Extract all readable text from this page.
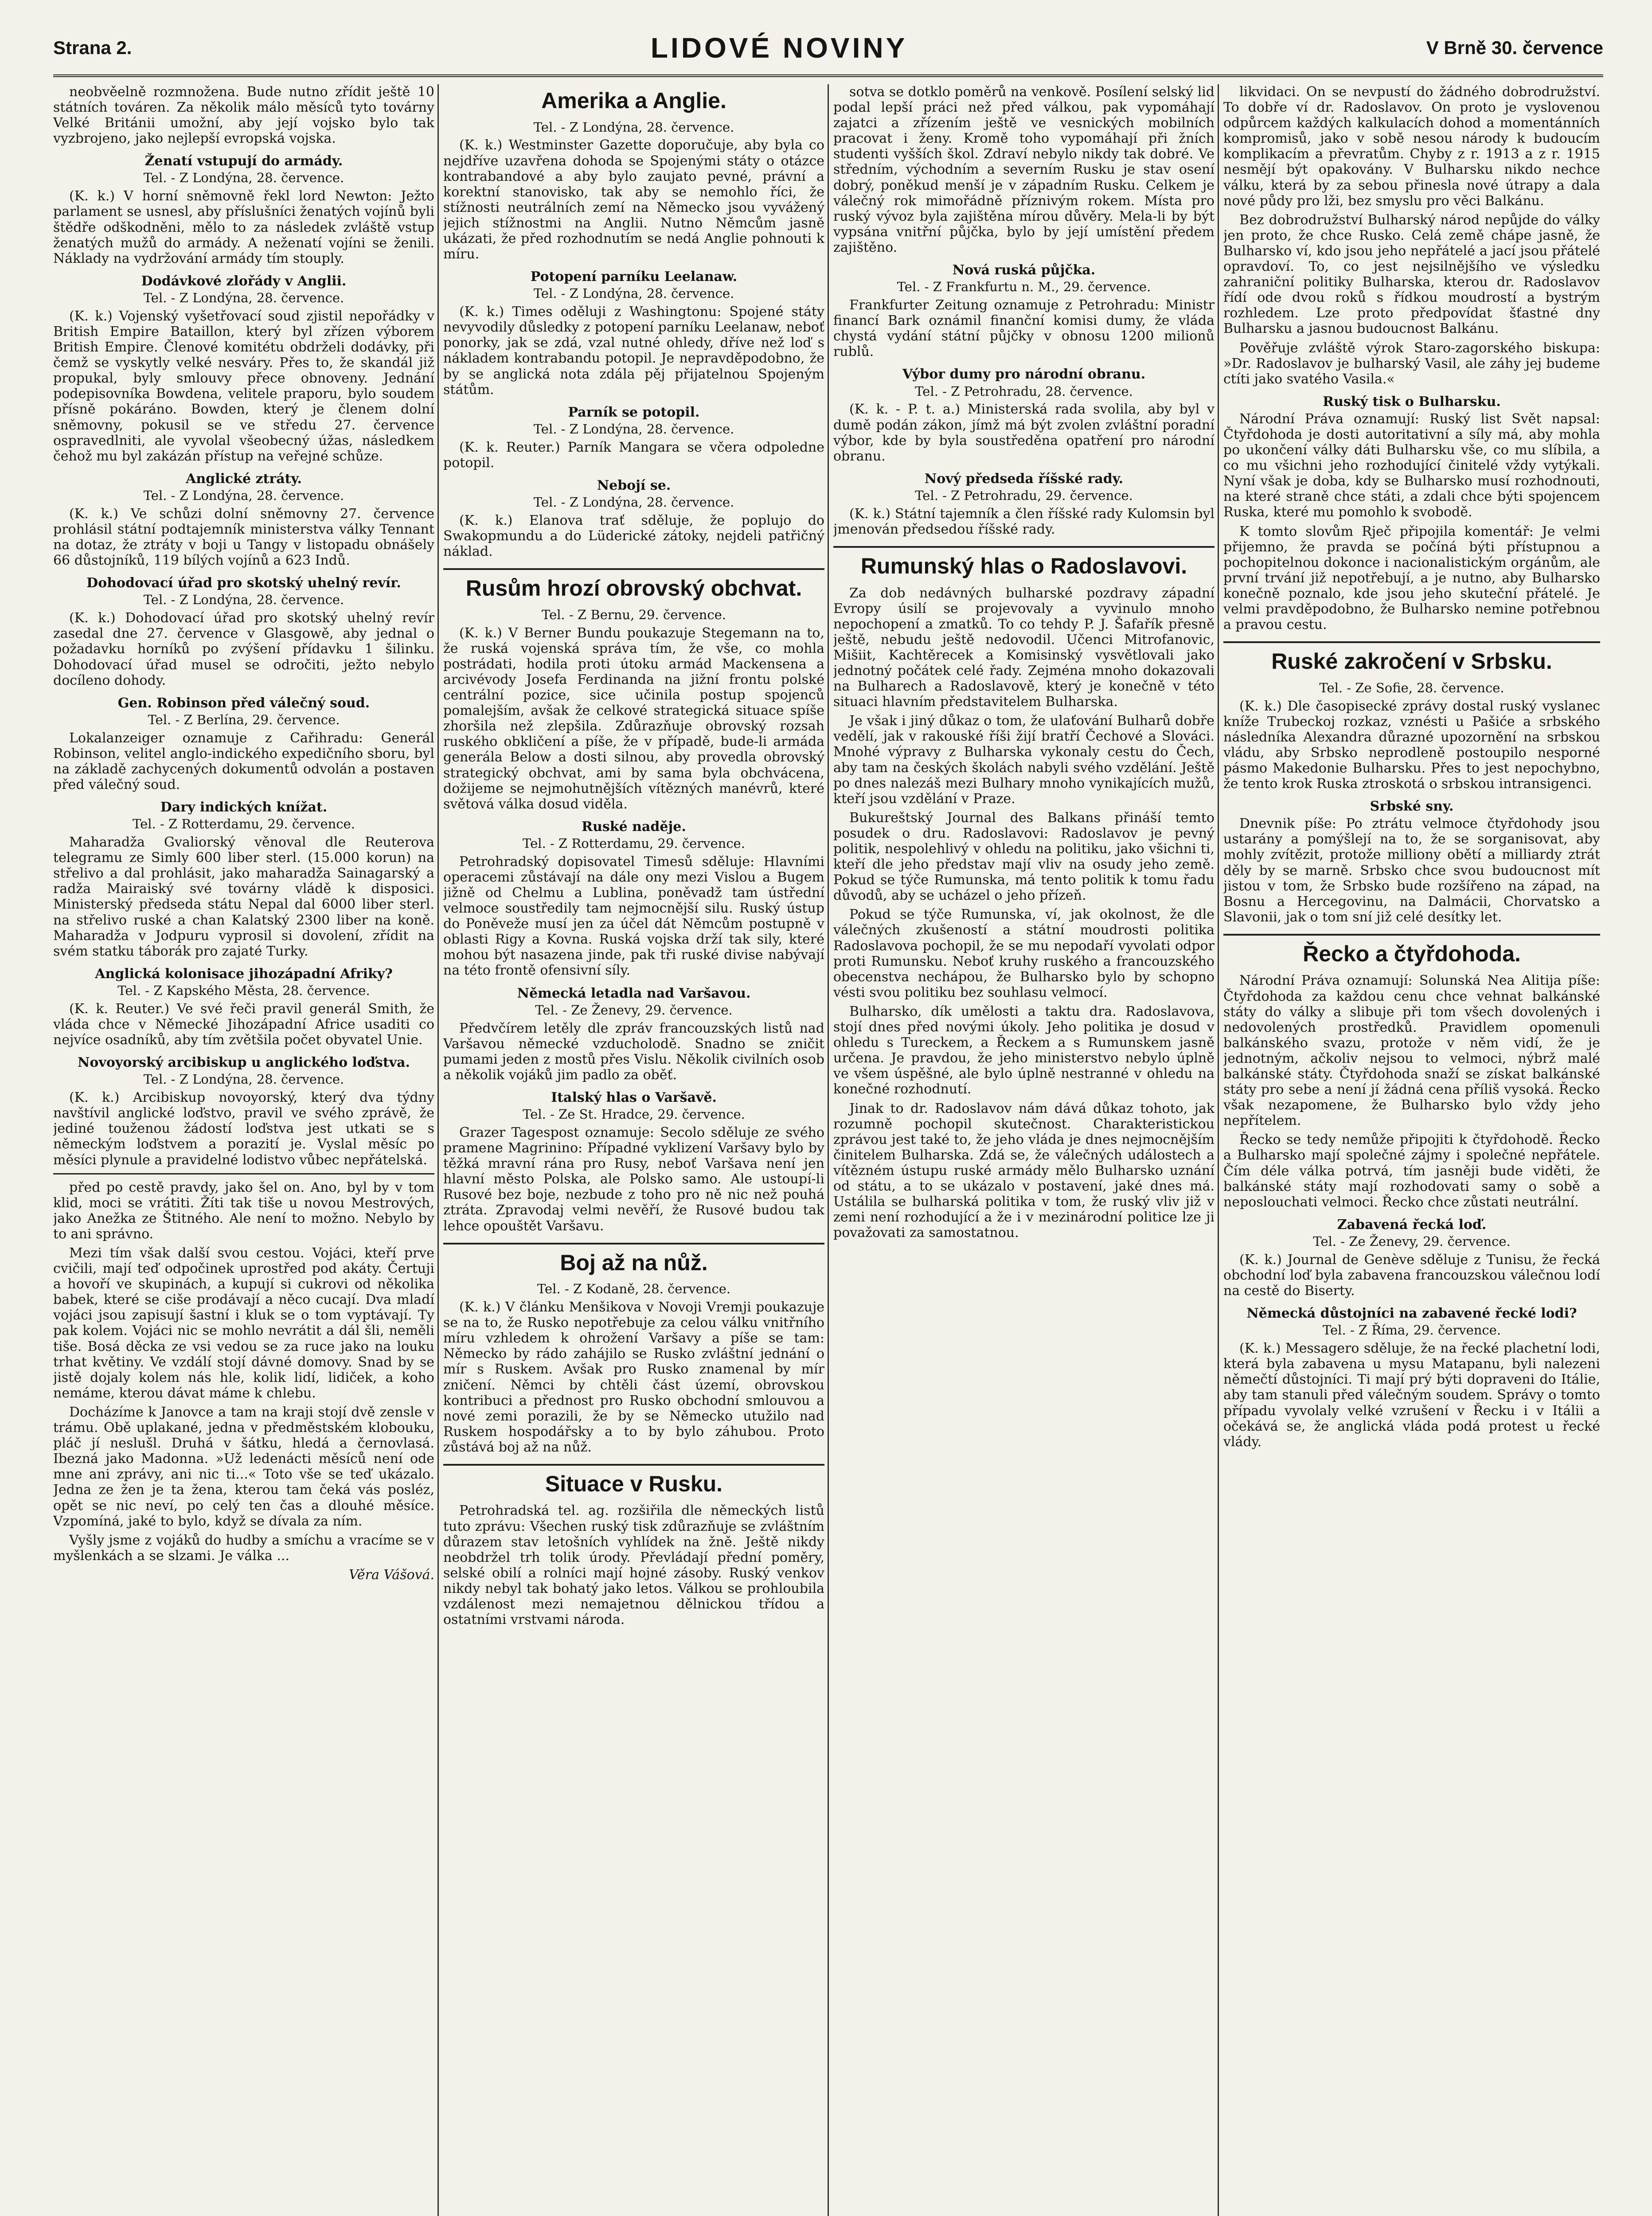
Strana 2.	LIDOVÉ NOVINY	V Brně 30. července

neobvěelně rozmnožena. Bude nutno zřídit ještě 10 státních továren. Za několik málo měsíců tyto továrny Velké Británii umožní, aby její vojsko bylo tak vyzbrojeno, jako nejlepší evropská vojska.

Ženatí vstupují do armády.
Tel. - Z Londýna, 28. července.

(K. k.) V horní sněmovně řekl lord Newton: Ježto parlament se usnesl, aby příslušníci ženatých vojínů byli štědře odškodněni, mělo to za následek zvláště vstup ženatých mužů do armády. A neženatí vojíni se ženili. Náklady na vydržování armády tím stouply.

Dodávkové zlořády v Anglii.
Tel. - Z Londýna, 28. července.

(K. k.) Vojenský vyšetřovací soud zjistil nepořádky v British Empire Bataillon, který byl zřízen výborem British Empire. Členové komitétu obdrželi dodávky, při čemž se vyskytly velké nesváry. Přes to, že skandál již propukal, byly smlouvy přece obnoveny. Jednání podepisovníka Bowdena, velitele praporu, bylo soudem přísně pokáráno. Bowden, který je členem dolní sněmovny, pokusil se ve středu 27. července ospravedlniti, ale vyvolal všeobecný úžas, následkem čehož mu byl zakázán přístup na veřejné schůze.

Anglické ztráty.
Tel. - Z Londýna, 28. července.

(K. k.) Ve schůzi dolní sněmovny 27. července prohlásil státní podtajemník ministerstva války Tennant na dotaz, že ztráty v boji u Tangy v listopadu obnášely 66 důstojníků, 119 bílých vojínů a 623 Indů.

Dohodovací úřad pro skotský uhelný revír.
Tel. - Z Londýna, 28. července.

(K. k.) Dohodovací úřad pro skotský uhelný revír zasedal dne 27. července v Glasgowě, aby jednal o požadavku horníků po zvýšení přídavku 1 šilinku. Dohodovací úřad musel se odročiti, ježto nebylo docíleno dohody.

Gen. Robinson před válečný soud.
Tel. - Z Berlína, 29. července.

Lokalanzeiger oznamuje z Cařihradu: Generál Robinson, velitel anglo-indického expedičního sboru, byl na základě zachycených dokumentů odvolán a postaven před válečný soud.

Dary indických knížat.
Tel. - Z Rotterdamu, 29. července.

Maharadža Gvaliorský věnoval dle Reuterova telegramu ze Simly 600 liber sterl. (15.000 korun) na střelivo a dal prohlásit, jako maharadža Sainagarský a radža Mairaiský své továrny vládě k disposici. Ministerský předseda státu Nepal dal 6000 liber sterl. na střelivo ruské a chan Kalatský 2300 liber na koně. Maharadža v Jodpuru vyprosil si dovolení, zřídit na svém statku táborák pro zajaté Turky.

Anglická kolonisace jihozápadní Afriky?
Tel. - Z Kapského Města, 28. července.

(K. k. Reuter.) Ve své řeči pravil generál Smith, že vláda chce v Německé Jihozápadní Africe usaditi co nejvíce osadníků, aby tím zvětšila počet obyvatel Unie.

Novoyorský arcibiskup u anglického loďstva.
Tel. - Z Londýna, 28. července.

(K. k.) Arcibiskup novoyorský, který dva týdny navštívil anglické loďstvo, pravil ve svého zprávě, že jediné touženou žádostí loďstva jest utkati se s německým loďstvem a porazití je. Vyslal měsíc po měsíci plynule a pravidelné lodistvo vůbec nepřátelská.

před po cestě pravdy, jako šel on. Ano, byl by v tom klid, moci se vrátiti. Žíti tak tiše u novou Mestrových, jako Anežka ze Štitného. Ale není to možno. Nebylo by to ani správno.

Mezi tím však další svou cestou. Vojáci, kteří prve cvičili, mají teď odpočinek uprostřed pod akáty. Čertuji a hovoří ve skupinách, a kupují si cukrovi od několika babek, které se ciše prodávají a něco cucají. Dva mladí vojáci jsou zapisují šastní i kluk se o tom vyptávají. Ty pak kolem. Vojáci nic se mohlo nevrátit a dál šli, neměli tiše. Bosá děcka ze vsi vedou se za ruce jako na louku trhat květiny. Ve vzdálí stojí dávné domovy. Snad by se jistě dojaly kolem nás hle, kolik lidí, lidiček, a koho nemáme, kterou dávat máme k chlebu.

Docházíme k Janovce a tam na kraji stojí dvě zensle v trámu. Obě uplakané, jedna v předměstském klobouku, pláč jí neslušl. Druhá v šátku, hledá a černovlasá. Ibezná jako Madonna. »Už ledenácti měsíců není ode mne ani zprávy, ani nic ti...« Toto vše se teď ukázalo. Jedna ze žen je ta žena, kterou tam čeká vás posléz, opět se nic neví, po celý ten čas a dlouhé měsíce. Vzpomíná, jaké to bylo, když se dívala za ním.

Vyšly jsme z vojáků do hudby a smíchu a vracíme se v myšlenkách a se slzami. Je válka ...

Věra Vášová.
Amerika a Anglie.
Tel. - Z Londýna, 28. července.

(K. k.) Westminster Gazette doporučuje, aby byla co nejdříve uzavřena dohoda se Spojenými státy o otázce kontrabandové a aby bylo zaujato pevné, právní a korektní stanovisko, tak aby se nemohlo říci, že stížnosti neutrálních zemí na Německo jsou vyvážený jejich stížnostmi na Anglii. Nutno Němcům jasně ukázati, že před rozhodnutím se nedá Anglie pohnouti k míru.

Potopení parníku Leelanaw.
Tel. - Z Londýna, 28. července.

(K. k.) Times oděluji z Washingtonu: Spojené státy nevyvodily důsledky z potopení parníku Leelanaw, neboť ponorky, jak se zdá, vzal nutné ohledy, dříve než loď s nákladem kontrabandu potopil. Je nepravděpodobno, že by se anglická nota zdála pěj přijatelnou Spojeným státům.

Parník se potopil.
Tel. - Z Londýna, 28. července.

(K. k. Reuter.) Parník Mangara se včera odpoledne potopil.

Nebojí se.
Tel. - Z Londýna, 28. července.

(K. k.) Elanova trať sděluje, že poplujo do Swakopmundu a do Lüderické zátoky, nejdeli patřičný náklad.

Rusům hrozí obrovský obchvat.
Tel. - Z Bernu, 29. července.

(K. k.) V Berner Bundu poukazuje Stegemann na to, že ruská vojenská správa tím, že vše, co mohla postrádati, hodila proti útoku armád Mackensena a arcivévody Josefa Ferdinanda na jižní frontu polské centrální pozice, sice učinila postup spojenců pomalejším, avšak že celkové strategická situace spíše zhoršila než zlepšila. Zdůrazňuje obrovský rozsah ruského obkličení a píše, že v případě, bude-li armáda generála Below a dosti silnou, aby provedla obrovský strategický obchvat, ami by sama byla obchvácena, dožijeme se nejmohutnějších vítězných manévrů, které světová válka dosud viděla.

Ruské naděje.
Tel. - Z Rotterdamu, 29. července.

Petrohradský dopisovatel Timesů sděluje: Hlavními operacemi zůstávají na dále ony mezi Vislou a Bugem jižně od Chelmu a Lublina, poněvadž tam ústřední velmoce soustředily tam nejmocnější silu. Ruský ústup do Poněveže musí jen za účel dát Němcům postupně v oblasti Rigy a Kovna. Ruská vojska drží tak sily, které mohou být nasazena jinde, pak tři ruské divise nabývají na této frontě ofensivní síly.

Německá letadla nad Varšavou.
Tel. - Ze Ženevy, 29. července.

Předvčírem letěly dle zpráv francouzských listů nad Varšavou německé vzducholodě. Snadno se zničit pumami jeden z mostů přes Vislu. Několik civilních osob a několik vojáků jim padlo za oběť.

Italský hlas o Varšavě.
Tel. - Ze St. Hradce, 29. července.

Grazer Tagespost oznamuje: Secolo sděluje ze svého pramene Magrinino: Případné vyklizení Varšavy bylo by těžká mravní rána pro Rusy, neboť Varšava není jen hlavní město Polska, ale Polsko samo. Ale ustoupí-li Rusové bez boje, nezbude z toho pro ně nic než pouhá ztráta. Zpravodaj velmi nevěří, že Rusové budou tak lehce opouštět Varšavu.

Boj až na nůž.
Tel. - Z Kodaně, 28. července.

(K. k.) V článku Menšikova v Novoji Vremji poukazuje se na to, že Rusko nepotřebuje za celou válku vnitřního míru vzhledem k ohrožení Varšavy a píše se tam: Německo by rádo zahájilo se Rusko zvláštní jednání o mír s Ruskem. Avšak pro Rusko znamenal by mír zničení. Němci by chtěli část území, obrovskou kontribuci a přednost pro Rusko obchodní smlouvou a nové zemi porazili, že by se Německo utužilo nad Ruskem hospodářsky a to by bylo záhubou. Proto zůstává boj až na nůž.

Situace v Rusku.

Petrohradská tel. ag. rozšiřila dle německých listů tuto zprávu: Všechen ruský tisk zdůrazňuje se zvláštním důrazem stav letošních vyhlídek na žně. Ještě nikdy neobdržel trh tolik úrody. Převládají přední poměry, selské obilí a rolníci mají hojné zásoby. Ruský venkov nikdy nebyl tak bohatý jako letos. Válkou se prohloubila vzdálenost mezi nemajetnou dělnickou třídou a ostatními vrstvami národa.

sotva se dotklo poměrů na venkově. Posílení selský lid podal lepší práci než před válkou, pak vypomáhají zajatci a zřízením ještě ve vesnických mobilních pracovat i ženy. Kromě toho vypomáhají při žních studenti vyšších škol. Zdraví nebylo nikdy tak dobré. Ve středním, východním a severním Rusku je stav osení dobrý, poněkud menší je v západním Rusku. Celkem je válečný rok mimořádně příznivým rokem. Místa pro ruský vývoz byla zajištěna mírou důvěry. Mela-li by být vypsána vnitřní půjčka, bylo by její umístění předem zajištěno.

Nová ruská půjčka.
Tel. - Z Frankfurtu n. M., 29. července.

Frankfurter Zeitung oznamuje z Petrohradu: Ministr financí Bark oznámil finanční komisi dumy, že vláda chystá vydání státní půjčky v obnosu 1200 milionů rublů.

Výbor dumy pro národní obranu.
Tel. - Z Petrohradu, 28. července.

(K. k. - P. t. a.) Ministerská rada svolila, aby byl v dumě podán zákon, jímž má být zvolen zvláštní poradní výbor, kde by byla soustředěna opatření pro národní obranu.

Nový předseda říšské rady.
Tel. - Z Petrohradu, 29. července.

(K. k.) Státní tajemník a člen říšské rady Kulomsin byl jmenován předsedou říšské rady.

Rumunský hlas o Radoslavovi.

Za dob nedávných bulharské pozdravy západní Evropy úsilí se projevovaly a vyvinulo mnoho nepochopení a zmatků. To co tehdy P. J. Šafařík přesně ještě, nebudu ještě nedovodil. Učenci Mitrofanovic, Mišiit, Kachtěrecek a Komisinský vysvětlovali jako jednotný počátek celé řady. Zejména mnoho dokazovali na Bulharech a Radoslavově, který je konečně v této situaci hlavním představitelem Bulharska.

Je však i jiný důkaz o tom, že ulaťování Bulharů dobře vedělí, jak v rakouské říši žijí bratří Čechové a Slováci. Mnohé výpravy z Bulharska vykonaly cestu do Čech, aby tam na českých školách nabyli svého vzdělání. Ještě po dnes nalezáš mezi Bulhary mnoho vynikajících mužů, kteří jsou vzdělání v Praze.

Bukureštský Journal des Balkans přináší temto posudek o dru. Radoslavovi: Radoslavov je pevný politik, nespolehlivý v ohledu na politiku, jako všichni ti, kteří dle jeho představ mají vliv na osudy jeho země. Pokud se týče Rumunska, má tento politik k tomu řadu důvodů, aby se ucházel o jeho přízeň.

Pokud se týče Rumunska, ví, jak okolnost, že dle válečných zkušeností a státní moudrosti politika Radoslavova pochopil, že se mu nepodaří vyvolati odpor proti Rumunsku. Neboť kruhy ruského a francouzského obecenstva nechápou, že Bulharsko bylo by schopno vésti svou politiku bez souhlasu velmocí.

Bulharsko, dík umělosti a taktu dra. Radoslavova, stojí dnes před novými úkoly. Jeho politika je dosud v ohledu s Tureckem, a Řeckem a s Rumunskem jasně určena. Je pravdou, že jeho ministerstvo nebylo úplně ve všem úspěšné, ale bylo úplně nestranné v ohledu na konečné rozhodnutí.

Jinak to dr. Radoslavov nám dává důkaz tohoto, jak rozumně pochopil skutečnost. Charakteristickou zprávou jest také to, že jeho vláda je dnes nejmocnějším činitelem Bulharska. Zdá se, že válečných událostech a vítězném ústupu ruské armády mělo Bulharsko uznání od státu, a to se ukázalo v postavení, jaké dnes má. Ustálila se bulharská politika v tom, že ruský vliv již v zemi není rozhodující a že i v mezinárodní politice lze ji považovati za samostatnou.

likvidaci. On se nevpustí do žádného dobrodružství. To dobře ví dr. Radoslavov. On proto je vyslovenou odpůrcem každých kalkulacích dohod a momentánních kompromisů, jako v sobě nesou národy k budoucím komplikacím a převratům. Chyby z r. 1913 a z r. 1915 nesmějí být opakovány. V Bulharsku nikdo nechce válku, která by za sebou přinesla nové útrapy a dala nové půdy pro lži, bez smyslu pro věci Balkánu.

Bez dobrodružství Bulharský národ nepůjde do války jen proto, že chce Rusko. Celá země chápe jasně, že Bulharsko ví, kdo jsou jeho nepřátelé a jací jsou přátelé opravdoví. To, co jest nejsilnějšího ve výsledku zahraniční politiky Bulharska, kterou dr. Radoslavov řídí ode dvou roků s řídkou moudrostí a bystrým rozhledem. Lze proto předpovídat šťastné dny Bulharsku a jasnou budoucnost Balkánu.

Pověřuje zvláště výrok Staro-zagorského biskupa: »Dr. Radoslavov je bulharský Vasil, ale záhy jej budeme ctíti jako svatého Vasila.«

Ruský tisk o Bulharsku.

Národní Práva oznamují: Ruský list Svět napsal: Čtyřdohoda je dosti autoritativní a síly má, aby mohla po ukončení války dáti Bulharsku vše, co mu slíbila, a co mu všichni jeho rozhodující činitelé vždy vytýkali. Nyní však je doba, kdy se Bulharsko musí rozhodnouti, na které straně chce státi, a zdali chce býti spojencem Ruska, které mu pomohlo k svobodě.

K tomto slovům Rječ připojila komentář: Je velmi přijemno, že pravda se počíná býti přístupnou a pochopitelnou dokonce i nacionalistickým orgánům, ale první trvání již nepotřebují, a je nutno, aby Bulharsko konečně poznalo, kde jsou jeho skuteční přátelé. Je velmi pravděpodobno, že Bulharsko nemine potřebnou a pravou cestu.

Ruské zakročení v Srbsku.
Tel. - Ze Sofie, 28. července.

(K. k.) Dle časopisecké zprávy dostal ruský vyslanec kníže Trubeckoj rozkaz, vznésti u Pašiće a srbského následníka Alexandra důrazné upozornění na srbskou vládu, aby Srbsko neprodleně postoupilo nesporné pásmo Makedonie Bulharsku. Přes to jest nepochybno, že tento krok Ruska ztroskotá o srbskou intransigenci.

Srbské sny.

Dnevnik píše: Po ztrátu velmoce čtyřdohody jsou ustarány a pomýšlejí na to, že se sorganisovat, aby mohly zvítězit, protože milliony obětí a milliardy ztrát děly by se marně. Srbsko chce svou budoucnost mít jistou v tom, že Srbsko bude rozšířeno na západ, na Bosnu a Hercegovinu, na Dalmácii, Chorvatsko a Slavonii, jak o tom sní již celé desítky let.

Řecko a čtyřdohoda.

Národní Práva oznamují: Solunská Nea Alitija píše: Čtyřdohoda za každou cenu chce vehnat balkánské státy do války a slibuje při tom všech dovolených i nedovolených prostředků. Pravidlem opomenuli balkánského svazu, protože v něm vidí, že je jednotným, ačkoliv nejsou to velmoci, nýbrž malé balkánské státy. Čtyřdohoda snaží se získat balkánské státy pro sebe a není jí žádná cena příliš vysoká. Řecko však nezapomene, že Bulharsko bylo vždy jeho nepřítelem.

Řecko se tedy nemůže připojiti k čtyřdohodě. Řecko a Bulharsko mají společné zájmy i společné nepřátele. Čím déle válka potrvá, tím jasněji bude viděti, že balkánské státy mají rozhodovati samy o sobě a neposlouchati velmoci. Řecko chce zůstati neutrální.

Zabavená řecká loď.
Tel. - Ze Ženevy, 29. července.

(K. k.) Journal de Genève sděluje z Tunisu, že řecká obchodní loď byla zabavena francouzskou válečnou lodí na cestě do Biserty.

Německá důstojníci na zabavené řecké lodi?
Tel. - Z Říma, 29. července.

(K. k.) Messagero sděluje, že na řecké plachetní lodi, která byla zabavena u mysu Matapanu, byli nalezeni němečtí důstojníci. Ti mají prý býti dopraveni do Itálie, aby tam stanuli před válečným soudem. Správy o tomto případu vyvolaly velké vzrušení v Řecku i v Itálii a očekává se, že anglická vláda podá protest u řecké vlády.
